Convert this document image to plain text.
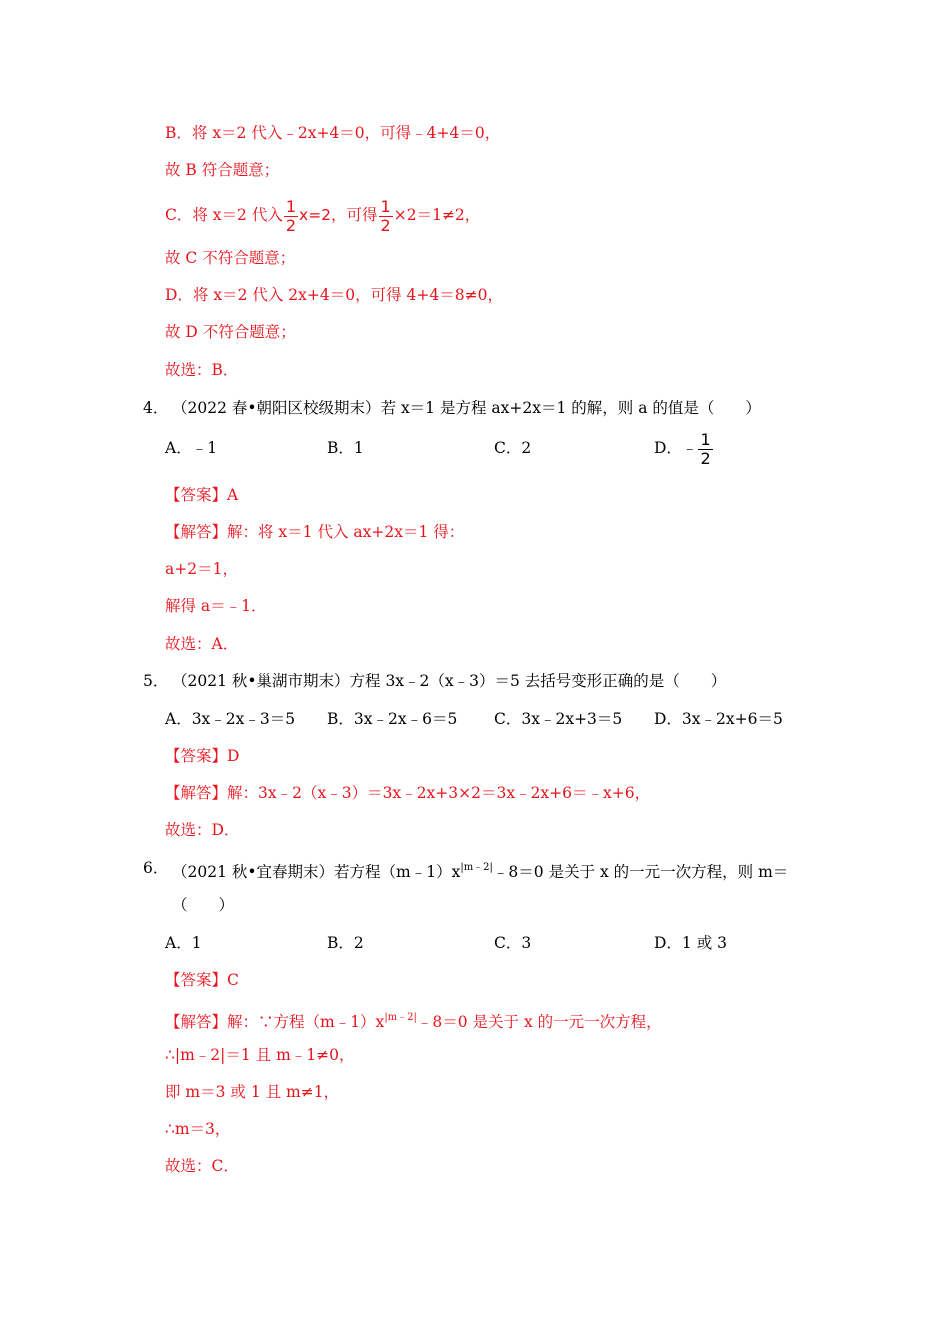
B．将 x＝2 代入﹣2x+4＝0，可得﹣4+4＝0，
故 B 符合题意；
C．将 x＝2 代入 $\frac{1}{2} x=2$，可得 $\frac{1}{2} \times 2=1\ne 2$，
故 C 不符合题意；
D．将 x＝2 代入 2x+4＝0，可得 4+4＝8≠0，
故 D 不符合题意；
故选：B．
4． （2022 春•朝阳区校级期末）若 x＝1 是方程 ax+2x＝1 的解，则 a 的值是（　　）
A．﹣1	B．1	C．2	D．﹣ $\frac{1}{2}$
【答案】A
【解答】解：将 x＝1 代入 ax+2x＝1 得：
a+2＝1，
解得 a＝﹣1．
故选：A．
5． （2021 秋•巢湖市期末）方程 3x﹣2（x﹣3）＝5 去括号变形正确的是（　　）
A．3x﹣2x﹣3＝5 B．3x﹣2x﹣6＝5 C．3x﹣2x+3＝5 D．3x﹣2x+6＝5
【答案】D
【解答】解：3x﹣2（x﹣3）＝3x﹣2x+3×2＝3x﹣2x+6＝﹣x+6，
故选：D．
6． （2021 秋•宜春期末）若方程$(m﹣1)x^{|m﹣2|}﹣8=0$ 是关于 x 的一元一次方程，则 m＝
（　　）
A．1	B．2	C．3	D．1 或 3
【答案】C
【解答】解：∵方程$(m﹣1)x^{|m﹣2|}﹣8=0$ 是关于 x 的一元一次方程，
∴|m﹣2|＝1 且 m﹣1≠0，
即 m＝3 或 1 且 m≠1，
∴m＝3，
故选：C．
